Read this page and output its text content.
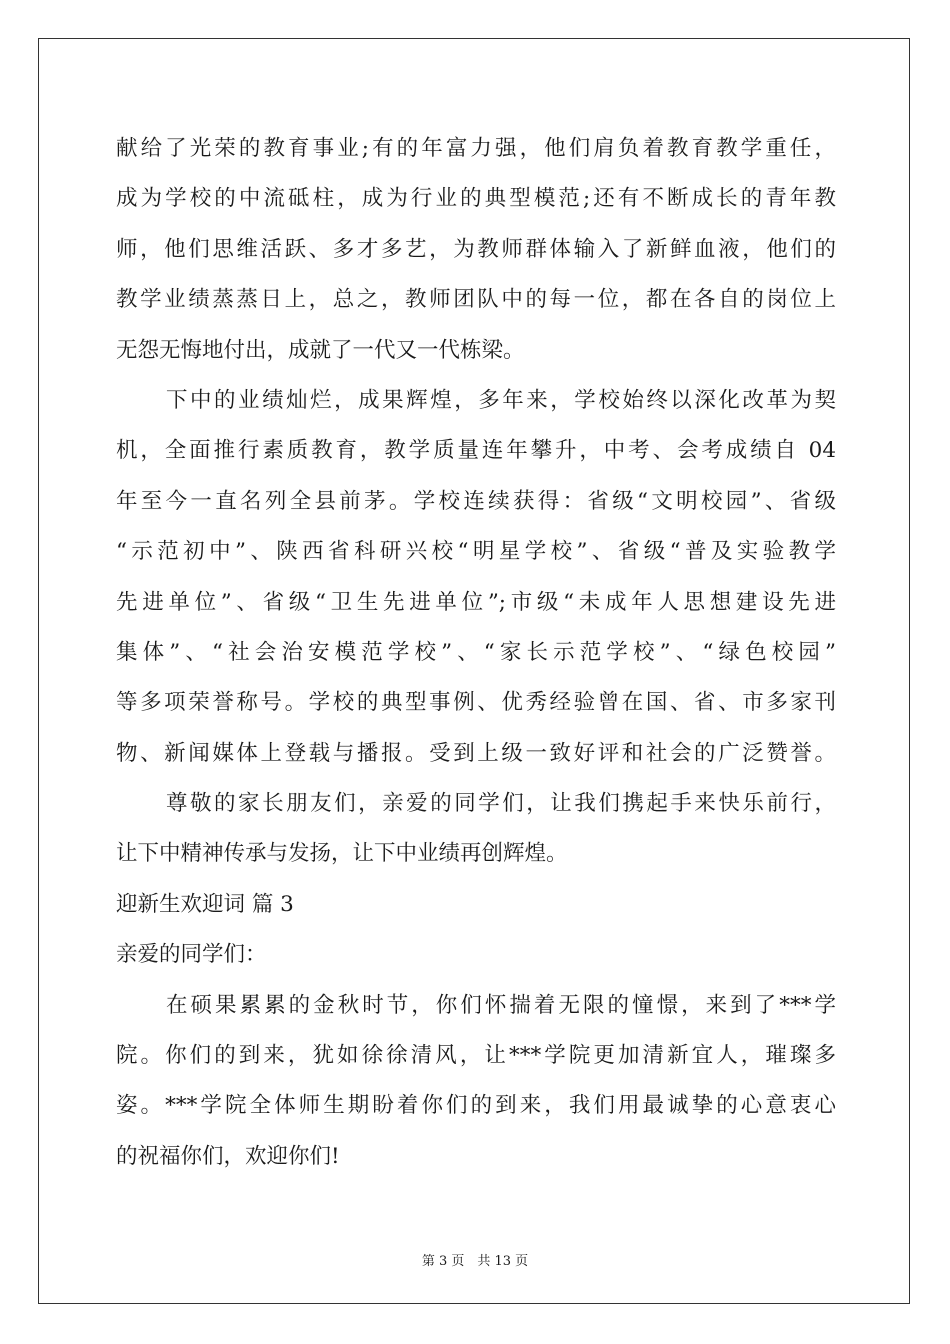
献给了光荣的教育事业;有的年富力强，他们肩负着教育教学重任，
成为学校的中流砥柱，成为行业的典型模范;还有不断成长的青年教
师，他们思维活跃、多才多艺，为教师群体输入了新鲜血液，他们的
教学业绩蒸蒸日上，总之，教师团队中的每一位，都在各自的岗位上
无怨无悔地付出，成就了一代又一代栋梁。
下中的业绩灿烂，成果辉煌，多年来，学校始终以深化改革为契
机，全面推行素质教育，教学质量连年攀升，中考、会考成绩自 04
年至今一直名列全县前茅。学校连续获得：省级“文明校园”、省级
“示范初中”、陕西省科研兴校“明星学校”、省级“普及实验教学
先进单位”、省级“卫生先进单位”;市级“未成年人思想建设先进
集体”、“社会治安模范学校”、“家长示范学校”、“绿色校园”
等多项荣誉称号。学校的典型事例、优秀经验曾在国、省、市多家刊
物、新闻媒体上登载与播报。受到上级一致好评和社会的广泛赞誉。
尊敬的家长朋友们，亲爱的同学们，让我们携起手来快乐前行，
让下中精神传承与发扬，让下中业绩再创辉煌。
迎新生欢迎词 篇 3
亲爱的同学们：
在硕果累累的金秋时节，你们怀揣着无限的憧憬，来到了***学
院。你们的到来，犹如徐徐清风，让***学院更加清新宜人，璀璨多
姿。***学院全体师生期盼着你们的到来，我们用最诚挚的心意衷心
的祝福你们，欢迎你们!
第 3 页　共 13 页
